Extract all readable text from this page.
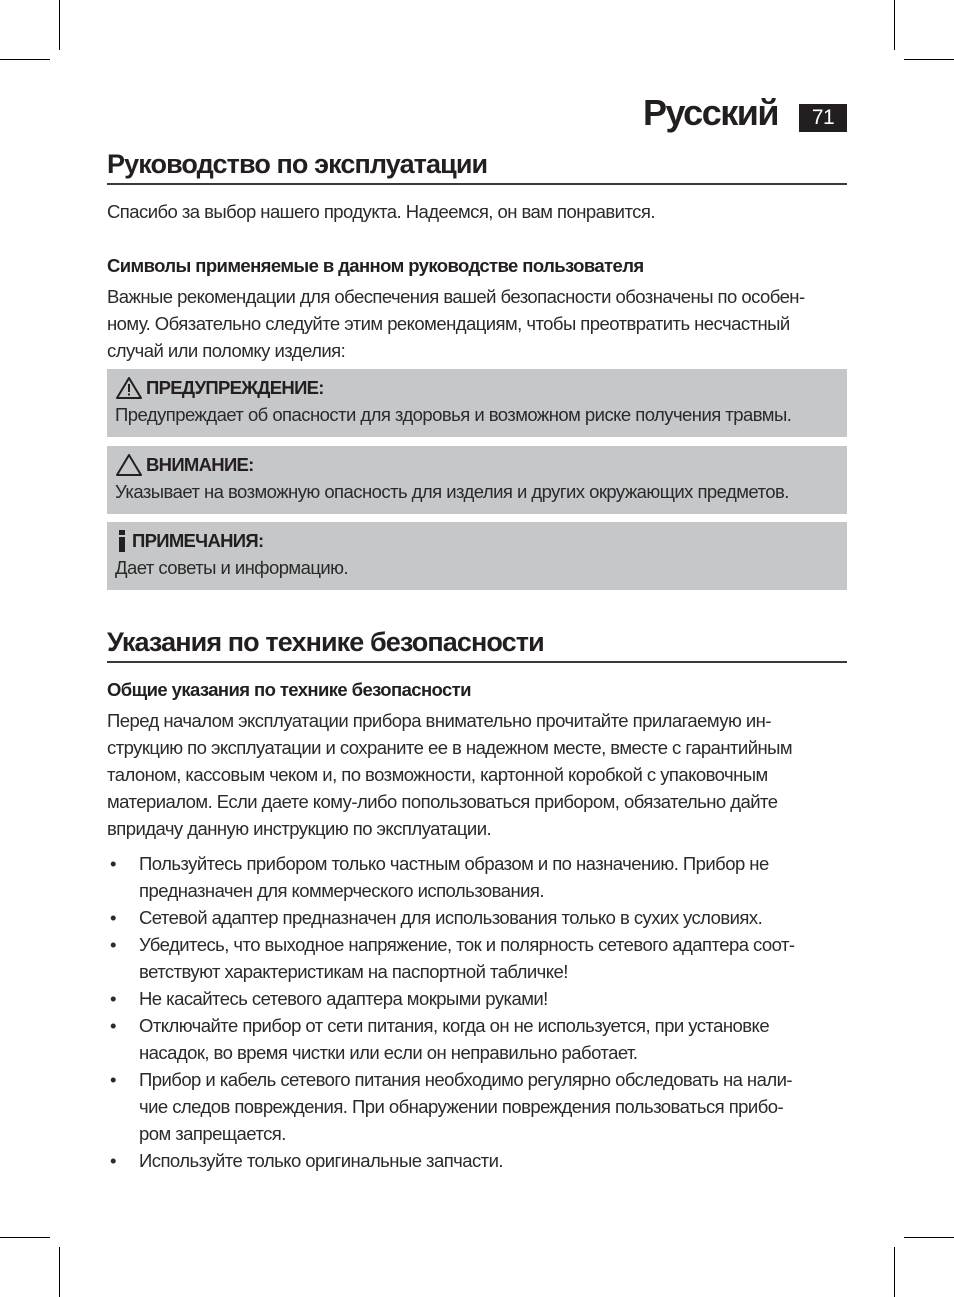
Русский	71
Руководство по эксплуатации
Спасибо за выбор нашего продукта. Надеемся, он вам понравится.
Символы применяемые в данном руководстве пользователя
Важные рекомендации для обеспечения вашей безопасности обозначены по особен-
ному. Обязательно следуйте этим рекомендациям, чтобы преотвратить несчастный
случай или поломку изделия:
ПРЕДУПРЕЖДЕНИЕ:
Предупреждает об опасности для здоровья и возможном риске получения травмы.
ВНИМАНИЕ:
Указывает на возможную опасность для изделия и других окружающих предметов.
ПРИМЕЧАНИЯ:
Дает советы и информацию.
Указания по технике безопасности
Общие указания по технике безопасности
Перед началом эксплуатации прибора внимательно прочитайте прилагаемую ин-
струкцию по эксплуатации и сохраните ее в надежном месте, вместе с гарантийным
талоном, кассовым чеком и, по возможности, картонной коробкой с упаковочным
материалом. Если даете кому-либо попользоваться прибором, обязательно дайте
впридачу данную инструкцию по эксплуатации.
• Пользуйтесь прибором только частным образом и по назначению. Прибор не
предназначен для коммерческого использования.
• Сетевой адаптер предназначен для использования только в сухих условиях.
• Убедитесь, что выходное напряжение, ток и полярность сетевого адаптера соот-
ветствуют характеристикам на паспортной табличке!
• Не касайтесь сетевого адаптера мокрыми руками!
• Отключайте прибор от сети питания, когда он не используется, при установке
насадок, во время чистки или если он неправильно работает.
• Прибор и кабель сетевого питания необходимо регулярно обследовать на нали-
чие следов повреждения. При обнаружении повреждения пользоваться прибо-
ром запрещается.
• Используйте только оригинальные запчасти.
